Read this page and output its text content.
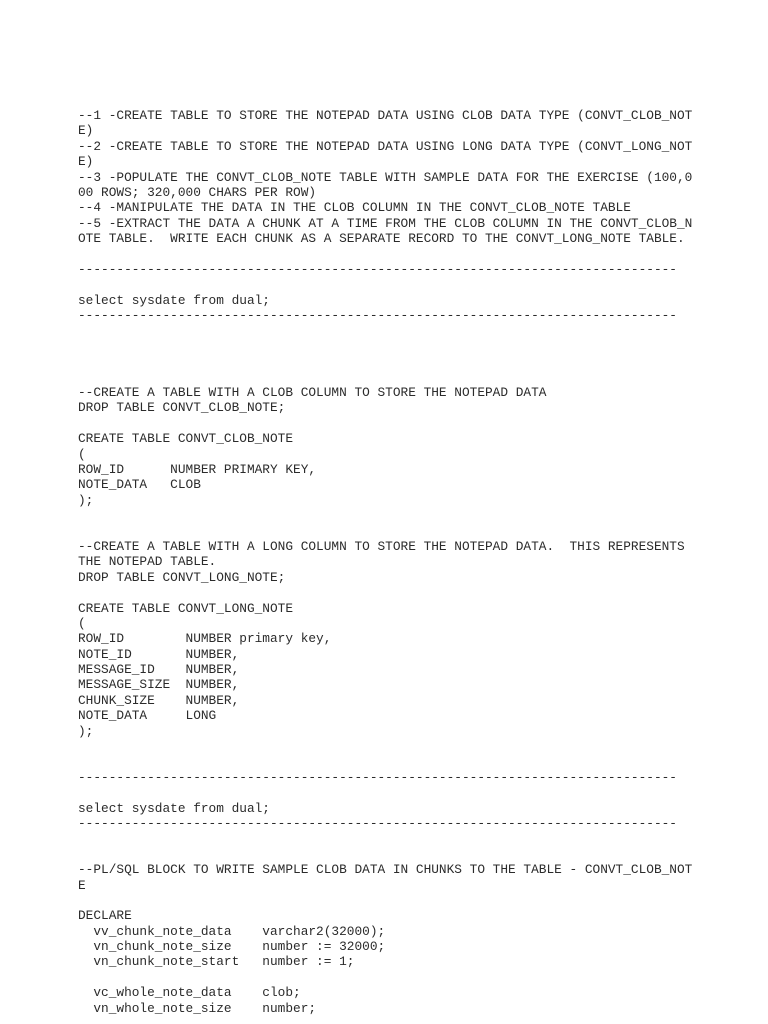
--1 -CREATE TABLE TO STORE THE NOTEPAD DATA USING CLOB DATA TYPE (CONVT_CLOB_NOT
E)
--2 -CREATE TABLE TO STORE THE NOTEPAD DATA USING LONG DATA TYPE (CONVT_LONG_NOT
E)
--3 -POPULATE THE CONVT_CLOB_NOTE TABLE WITH SAMPLE DATA FOR THE EXERCISE (100,0
00 ROWS; 320,000 CHARS PER ROW)
--4 -MANIPULATE THE DATA IN THE CLOB COLUMN IN THE CONVT_CLOB_NOTE TABLE
--5 -EXTRACT THE DATA A CHUNK AT A TIME FROM THE CLOB COLUMN IN THE CONVT_CLOB_N
OTE TABLE.  WRITE EACH CHUNK AS A SEPARATE RECORD TO THE CONVT_LONG_NOTE TABLE.
------------------------------------------------------------------------------
select sysdate from dual;
------------------------------------------------------------------------------
--CREATE A TABLE WITH A CLOB COLUMN TO STORE THE NOTEPAD DATA
DROP TABLE CONVT_CLOB_NOTE;
CREATE TABLE CONVT_CLOB_NOTE
(
ROW_ID      NUMBER PRIMARY KEY,
NOTE_DATA   CLOB
);
--CREATE A TABLE WITH A LONG COLUMN TO STORE THE NOTEPAD DATA.  THIS REPRESENTS
THE NOTEPAD TABLE.
DROP TABLE CONVT_LONG_NOTE;
CREATE TABLE CONVT_LONG_NOTE
(
ROW_ID        NUMBER primary key,
NOTE_ID       NUMBER,
MESSAGE_ID    NUMBER,
MESSAGE_SIZE  NUMBER,
CHUNK_SIZE    NUMBER,
NOTE_DATA     LONG
);
------------------------------------------------------------------------------
select sysdate from dual;
------------------------------------------------------------------------------
--PL/SQL BLOCK TO WRITE SAMPLE CLOB DATA IN CHUNKS TO THE TABLE - CONVT_CLOB_NOT
E
DECLARE
vv_chunk_note_data    varchar2(32000);
vn_chunk_note_size    number := 32000;
vn_chunk_note_start   number := 1;
vc_whole_note_data    clob;
vn_whole_note_size    number;
